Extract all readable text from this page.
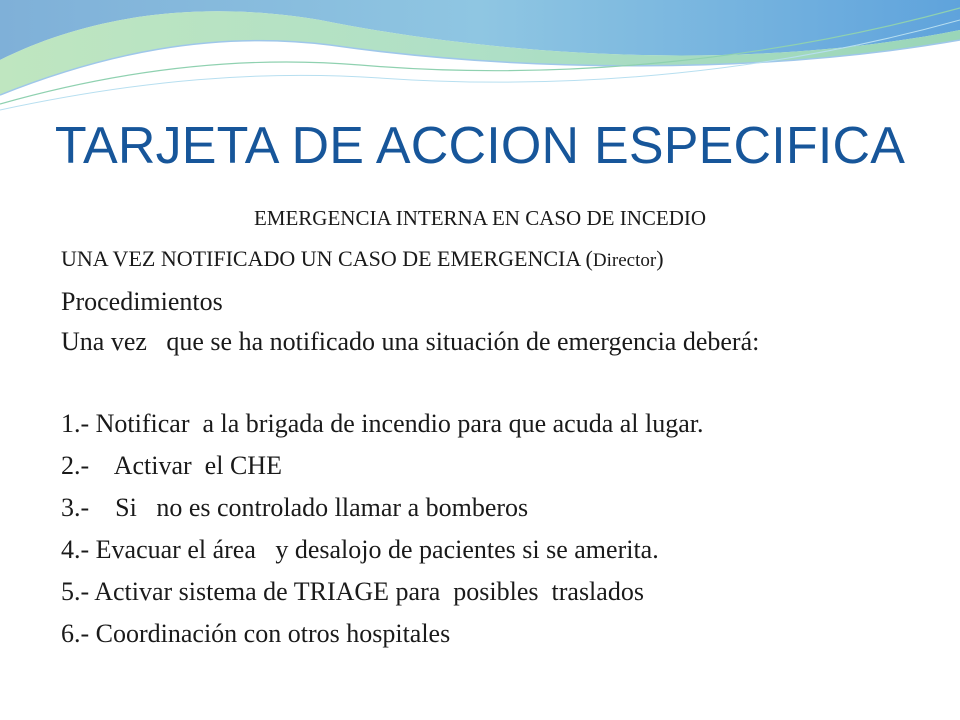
TARJETA DE ACCION ESPECIFICA

EMERGENCIA INTERNA EN CASO DE INCEDIO

UNA VEZ NOTIFICADO UN CASO DE EMERGENCIA (Director)

Procedimientos

Una vez   que se ha notificado una situación de emergencia deberá:

1.- Notificar  a la brigada de incendio para que acuda al lugar.
2.-    Activar  el CHE
3.-    Si   no es controlado llamar a bomberos
4.- Evacuar el área   y desalojo de pacientes si se amerita.
5.- Activar sistema de TRIAGE para  posibles  traslados
6.- Coordinación con otros hospitales
